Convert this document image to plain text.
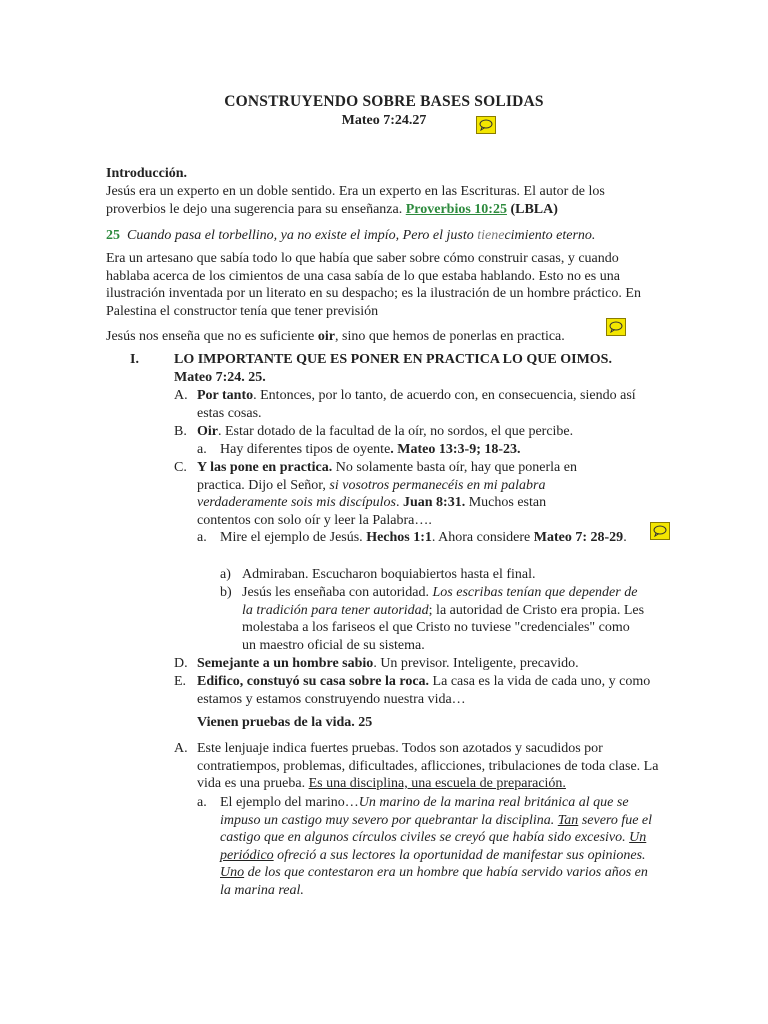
CONSTRUYENDO SOBRE BASES SOLIDAS
Mateo 7:24.27
Introducción.
Jesús era un experto en un doble sentido. Era un experto en las Escrituras. El autor de los proverbios le dejo una sugerencia para su enseñanza. Proverbios 10:25 (LBLA)
25 Cuando pasa el torbellino, ya no existe el impío, Pero el justo tienecimiento eterno.
Era un artesano que sabía todo lo que había que saber sobre cómo construir casas, y cuando hablaba acerca de los cimientos de una casa sabía de lo que estaba hablando. Esto no es una ilustración inventada por un literato en su despacho; es la ilustración de un hombre práctico. En Palestina el constructor tenía que tener previsión
Jesús nos enseña que no es suficiente oir, sino que hemos de ponerlas en practica.
I.	LO IMPORTANTE QUE ES PONER EN PRACTICA LO QUE OIMOS.
Mateo 7:24. 25.
A. Por tanto. Entonces, por lo tanto, de acuerdo con, en consecuencia, siendo así estas cosas.
B. Oir. Estar dotado de la facultad de la oír, no sordos, el que percibe.
a. Hay diferentes tipos de oyente. Mateo 13:3-9; 18-23.
C. Y las pone en practica. No solamente basta oír, hay que ponerla en practica. Dijo el Señor, si vosotros permanecéis en mi palabra verdaderamente sois mis discípulos. Juan 8:31. Muchos estan contentos con solo oír y leer la Palabra….
a. Mire el ejemplo de Jesús. Hechos 1:1. Ahora considere Mateo 7: 28-29.
a) Admiraban. Escucharon boquiabiertos hasta el final.
b) Jesús les enseñaba con autoridad. Los escribas tenían que depender de la tradición para tener autoridad; la autoridad de Cristo era propia. Les molestaba a los fariseos el que Cristo no tuviese "credenciales" como un maestro oficial de su sistema.
D. Semejante a un hombre sabio. Un previsor. Inteligente, precavido.
E. Edifico, constuyó su casa sobre la roca. La casa es la vida de cada uno, y como estamos y estamos construyendo nuestra vida…
Vienen pruebas de la vida. 25
A. Este lenjuaje indica fuertes pruebas. Todos son azotados y sacudidos por contratiempos, problemas, dificultades, aflicciones, tribulaciones de toda clase. La vida es una prueba. Es una disciplina, una escuela de preparación.
a. El ejemplo del marino…Un marino de la marina real británica al que se impuso un castigo muy severo por quebrantar la disciplina. Tan severo fue el castigo que en algunos círculos civiles se creyó que había sido excesivo. Un periódico ofreció a sus lectores la oportunidad de manifestar sus opiniones. Uno de los que contestaron era un hombre que había servido varios años en la marina real.
